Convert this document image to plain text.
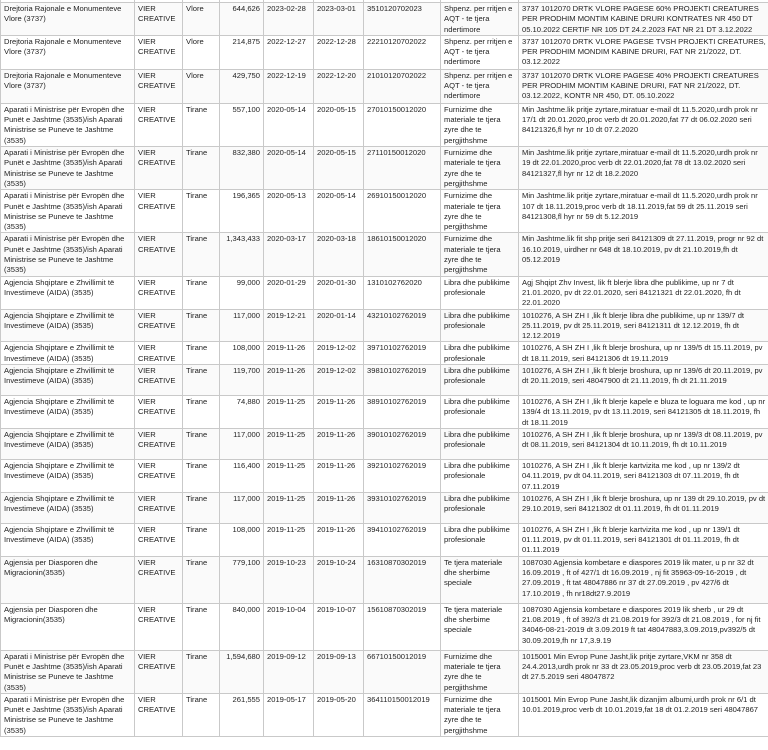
Drejtoria Rajonale e Monumenteve Vlore (3737)	VIER CREATIVE	Vlore	644,626	2023-02-28	2023-03-01	3510120702023	Shpenz. per rritjen e AQT - te tjera ndertimore	3737 1012070 DRTK VLORE PAGESE 60% PROJEKTI CREATURES PER PRODHIM MONTIM KABINE DRURI KONTRATES NR 450 DT 05.10.2022 CERTIF NR 105 DT 24.2.2023 FAT NR 21 DT 3.12.2022
Drejtoria Rajonale e Monumenteve Vlore (3737)	VIER CREATIVE	Vlore	214,875	2022-12-27	2022-12-28	22210120702022	Shpenz. per rritjen e AQT - te tjera ndertimore	3737 1012070 DRTK VLORE PAGESE TVSH PROJEKTI CREATURES, PER PRODHIM MONDIM KABINE DRURI, FAT NR 21/2022, DT. 03.12.2022
Drejtoria Rajonale e Monumenteve Vlore (3737)	VIER CREATIVE	Vlore	429,750	2022-12-19	2022-12-20	21010120702022	Shpenz. per rritjen e AQT - te tjera ndertimore	3737 1012070 DRTK VLORE PAGESE 40% PROJEKTI CREATURES PER PRODHIM MONTIM KABINE DRURI, FAT NR 21/2022, DT. 03.12.2022, KONTR NR 450, DT. 05.10.2022
Aparati i Ministrise për Evropën dhe Punët e Jashtme (3535)/ish Aparati Ministrise se Puneve te Jashtme (3535)	VIER CREATIVE	Tirane	557,100	2020-05-14	2020-05-15	27010150012020	Furnizime dhe materiale te tjera zyre dhe te pergjithshme	Min Jashtme.lik pritje zyrtare,miratuar e-mail dt 11.5.2020,urdh prok nr 17/1 dt 20.01.2020,proc verb dt 20.01.2020,fat 77 dt 06.02.2020 seri 84121326,fl hyr nr 10 dt 07.2.2020
Aparati i Ministrise për Evropën dhe Punët e Jashtme (3535)/ish Aparati Ministrise se Puneve te Jashtme (3535)	VIER CREATIVE	Tirane	832,380	2020-05-14	2020-05-15	27110150012020	Furnizime dhe materiale te tjera zyre dhe te pergjithshme	Min Jashtme.lik pritje zyrtare,miratuar e-mail dt 11.5.2020,urdh prok nr 19 dt 22.01.2020,proc verb dt 22.01.2020,fat 78 dt 13.02.2020 seri 84121327,fl hyr nr 12 dt 18.2.2020
Aparati i Ministrise për Evropën dhe Punët e Jashtme (3535)/ish Aparati Ministrise se Puneve te Jashtme (3535)	VIER CREATIVE	Tirane	196,365	2020-05-13	2020-05-14	26910150012020	Furnizime dhe materiale te tjera zyre dhe te pergjithshme	Min Jashtme.lik pritje zyrtare,miratuar e-mail dt 11.5.2020,urdh prok nr 107 dt 18.11.2019,proc verb dt 18.11.2019,fat 59 dt 25.11.2019 seri 84121308,fl hyr nr 59 dt 5.12.2019
Aparati i Ministrise për Evropën dhe Punët e Jashtme (3535)/ish Aparati Ministrise se Puneve te Jashtme (3535)	VIER CREATIVE	Tirane	1,343,433	2020-03-17	2020-03-18	18610150012020	Furnizime dhe materiale te tjera zyre dhe te pergjithshme	Min Jashtme.lik fit shp pritje seri 84121309 dt 27.11.2019, progr nr 92 dt 16.10.2019, uirdher nr 648 dt 18.10.2019, pv dt 21.10.2019,fh dt 05.12.2019
Agjencia Shqiptare e Zhvillimit të Investimeve (AIDA) (3535)	VIER CREATIVE	Tirane	99,000	2020-01-29	2020-01-30	1310102762020	Libra dhe publikime profesionale	Agj Shqipt Zhv Invest, lik ft blerje libra dhe publikime, up nr 7 dt 21.01.2020, pv dt 22.01.2020, seri 84121321 dt 22.01.2020, fh dt 22.01.2020
Agjencia Shqiptare e Zhvillimit të Investimeve (AIDA) (3535)	VIER CREATIVE	Tirane	117,000	2019-12-21	2020-01-14	43210102762019	Libra dhe publikime profesionale	1010276, A SH ZH I ,lik ft blerje libra dhe publikime, up nr 139/7 dt 25.11.2019, pv dt 25.11.2019, seri 84121311 dt 12.12.2019, fh dt 12.12.2019
Agjencia Shqiptare e Zhvillimit të Investimeve (AIDA) (3535)	VIER CREATIVE	Tirane	108,000	2019-11-26	2019-12-02	39710102762019	Libra dhe publikime profesionale	1010276, A SH ZH I ,lik ft blerje broshura, up nr 139/5 dt 15.11.2019, pv dt 18.11.2019, seri 84121306 dt 19.11.2019
Agjencia Shqiptare e Zhvillimit të Investimeve (AIDA) (3535)	VIER CREATIVE	Tirane	119,700	2019-11-26	2019-12-02	39810102762019	Libra dhe publikime profesionale	1010276, A SH ZH I ,lik ft blerje broshura, up nr 139/6 dt 20.11.2019, pv dt 20.11.2019, seri 48047900 dt 21.11.2019, fh dt 21.11.2019
Agjencia Shqiptare e Zhvillimit të Investimeve (AIDA) (3535)	VIER CREATIVE	Tirane	74,880	2019-11-25	2019-11-26	38910102762019	Libra dhe publikime profesionale	1010276, A SH ZH I ,lik ft blerje kapele e bluza te loguara me kod , up nr 139/4 dt 13.11.2019, pv dt 13.11.2019, seri 84121305 dt 18.11.2019, fh dt 18.11.2019
Agjencia Shqiptare e Zhvillimit të Investimeve (AIDA) (3535)	VIER CREATIVE	Tirane	117,000	2019-11-25	2019-11-26	39010102762019	Libra dhe publikime profesionale	1010276, A SH ZH I ,lik ft blerje broshura, up nr 139/3 dt 08.11.2019, pv dt 08.11.2019, seri 84121304 dt 10.11.2019, fh dt 10.11.2019
Agjencia Shqiptare e Zhvillimit të Investimeve (AIDA) (3535)	VIER CREATIVE	Tirane	116,400	2019-11-25	2019-11-26	39210102762019	Libra dhe publikime profesionale	1010276, A SH ZH I ,lik ft blerje kartvizita me kod , up nr 139/2 dt 04.11.2019, pv dt 04.11.2019, seri 84121303 dt 07.11.2019, fh dt 07.11.2019
Agjencia Shqiptare e Zhvillimit të Investimeve (AIDA) (3535)	VIER CREATIVE	Tirane	117,000	2019-11-25	2019-11-26	39310102762019	Libra dhe publikime profesionale	1010276, A SH ZH I ,lik ft blerje broshura, up nr 139 dt 29.10.2019, pv dt 29.10.2019, seri 84121302 dt 01.11.2019, fh dt 01.11.2019
Agjencia Shqiptare e Zhvillimit të Investimeve (AIDA) (3535)	VIER CREATIVE	Tirane	108,000	2019-11-25	2019-11-26	39410102762019	Libra dhe publikime profesionale	1010276, A SH ZH I ,lik ft blerje kartvizita me kod , up nr 139/1 dt 01.11.2019, pv dt 01.11.2019, seri 84121301 dt 01.11.2019, fh dt 01.11.2019
Agjensia per Diasporen dhe Migracionin(3535)	VIER CREATIVE	Tirane	779,100	2019-10-23	2019-10-24	16310870302019	Te tjera materiale dhe sherbime speciale	1087030 Agjensia kombetare e diaspores 2019 lik mater, u p nr 32 dt 16.09.2019 , ft of 427/1 dt 16.09.2019 , nj fit 35963-09-16-2019 , dt 27.09.2019 , ft tat 48047886 nr 37 dt 27.09.2019 , pv 427/6 dt 17.10.2019 , fh nr18dt27.9.2019
Agjensia per Diasporen dhe Migracionin(3535)	VIER CREATIVE	Tirane	840,000	2019-10-04	2019-10-07	15610870302019	Te tjera materiale dhe sherbime speciale	1087030 Agjensia kombetare e diaspores 2019 lik sherb , ur 29 dt 21.08.2019 , ft of 392/3 dt 21.08.2019 for 392/3 dt 21.08.2019 , for nj fit 34046-08-21-2019 dt 3.09.2019 ft tat 48047883,3.09.2019,pv392/5 dt 30.09.2019,fh nr 17,3.9.19
Aparati i Ministrise për Evropën dhe Punët e Jashtme (3535)/ish Aparati Ministrise se Puneve te Jashtme (3535)	VIER CREATIVE	Tirane	1,594,680	2019-09-12	2019-09-13	66710150012019	Furnizime dhe materiale te tjera zyre dhe te pergjithshme	1015001 Min Evrop Pune Jasht,lik pritje zyrtare,VKM nr 358 dt 24.4.2013,urdh prok nr 33 dt 23.05.2019,proc verb dt 23.05.2019,fat 23 dt 27.5.2019 seri 48047872
Aparati i Ministrise për Evropën dhe Punët e Jashtme (3535)/ish Aparati Ministrise se Puneve te Jashtme (3535)	VIER CREATIVE	Tirane	261,555	2019-05-17	2019-05-20	364110150012019	Furnizime dhe materiale te tjera zyre dhe te pergjithshme	1015001 Min Evrop Pune Jasht,lik dizanjim albumi,urdh prok nr 6/1 dt 10.01.2019,proc verb dt 10.01.2019,fat 18 dt 01.2.2019 seri 48047867
